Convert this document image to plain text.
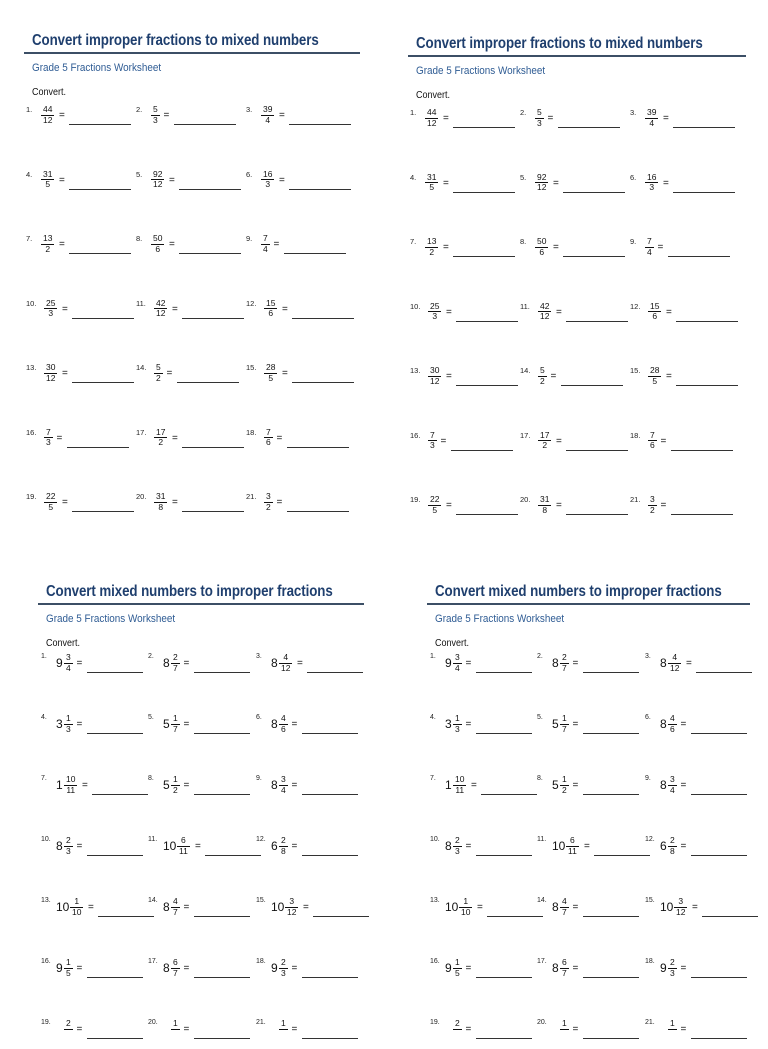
Convert improper fractions to mixed numbers
Grade 5 Fractions Worksheet
Convert.
1. 44
12 =
2. 5
3 =
3. 39
4 =
4. 31
5 =
5. 92
12 =
6. 16
3 =
7. 13
2 =
8. 50
6 =
9. 7
4 =
10. 25
3 =
11. 42
12 =
12. 15
6 =
13. 30
12 =
14. 5
2 =
15. 28
5 =
16. 7
3 =
17. 17
2 =
18. 7
6 =
19. 22
5 =
20. 31
8 =
21. 3
2 =
Convert improper fractions to mixed numbers
Grade 5 Fractions Worksheet
Convert.
1. 44
12 =
2. 5
3 =
3. 39
4 =
4. 31
5 =
5. 92
12 =
6. 16
3 =
7. 13
2 =
8. 50
6 =
9. 7
4 =
10. 25
3 =
11. 42
12 =
12. 15
6 =
13. 30
12 =
14. 5
2 =
15. 28
5 =
16. 7
3 =
17. 17
2 =
18. 7
6 =
19. 22
5 =
20. 31
8 =
21. 3
2 =
Convert mixed numbers to improper fractions
Grade 5 Fractions Worksheet
Convert.
1. 9 3
4 =
2. 8 2
7 =
3. 8 4
12 =
4. 3 1
3 =
5. 5 1
7 =
6. 8 4
6 =
7. 1 10
11 =
8. 5 1
2 =
9. 8 3
4 =
10. 8 2
3 =
11. 10 6
11 =
12. 6 2
8 =
13. 10 1
10 =
14. 8 4
7 =
15. 10 3
12 =
16. 9 1
5 =
17. 8 6
7 =
18. 9 2
3 =
19. 2
=
20. 1
=
21. 1
=
Convert mixed numbers to improper fractions
Grade 5 Fractions Worksheet
Convert.
1. 9 3
4 =
2. 8 2
7 =
3. 8 4
12 =
4. 3 1
3 =
5. 5 1
7 =
6. 8 4
6 =
7. 1 10
11 =
8. 5 1
2 =
9. 8 3
4 =
10. 8 2
3 =
11. 10 6
11 =
12. 6 2
8 =
13. 10 1
10 =
14. 8 4
7 =
15. 10 3
12 =
16. 9 1
5 =
17. 8 6
7 =
18. 9 2
3 =
19. 2
=
20. 1
=
21. 1
=
